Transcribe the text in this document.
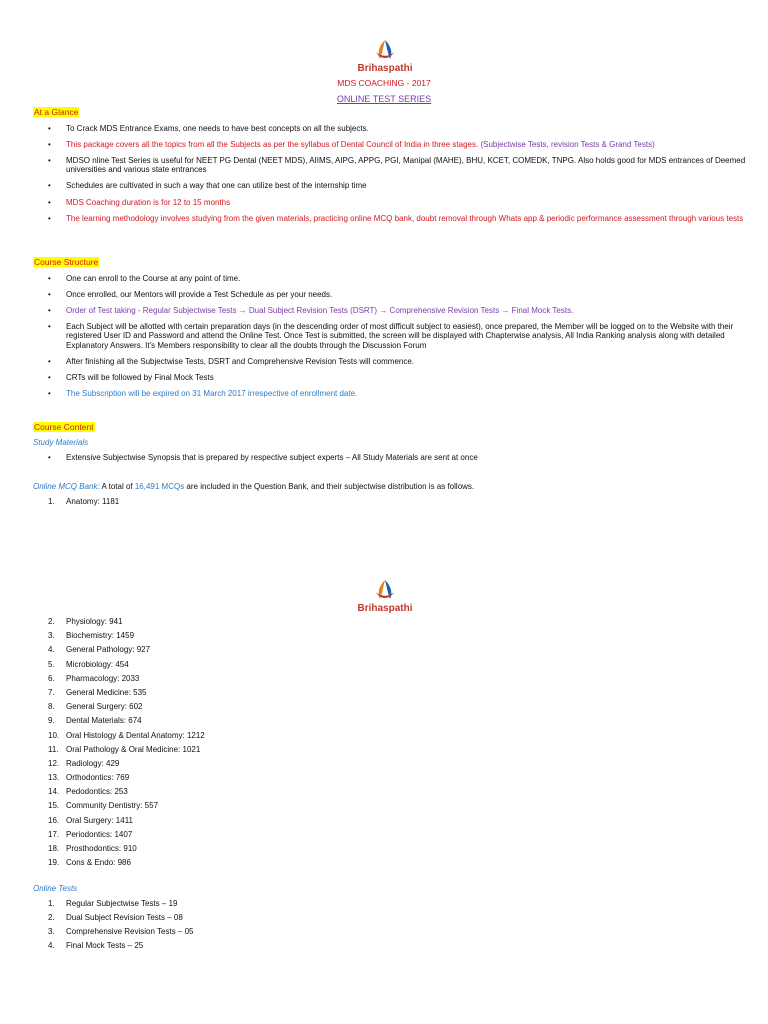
Brihaspathi
MDS COACHING - 2017
ONLINE TEST SERIES
At a Glance
• To Crack MDS Entrance Exams, one needs to have best concepts on all the subjects.
• This package covers all the topics from all the Subjects as per the syllabus of Dental Council of India in three stages. (Subjectwise Tests, revision Tests & Grand Tests)
• MDSO nline Test Series is useful for NEET PG Dental (NEET MDS), AIIMS, AIPG, APPG, PGI, Manipal (MAHE), BHU, KCET, COMEDK, TNPG. Also holds good for MDS entrances of Deemed universities and various state entrances
• Schedules are cultivated in such a way that one can utilize best of the internship time
• MDS Coaching duration is for 12 to 15 months
• The learning methodology involves studying from the given materials, practicing online MCQ bank, doubt removal through Whats app & periodic performance assessment through various tests
Course Structure
• One can enroll to the Course at any point of time.
• Once enrolled, our Mentors will provide a Test Schedule as per your needs.
• Order of Test taking - Regular Subjectwise Tests → Dual Subject Revision Tests (DSRT) → Comprehensive Revision Tests → Final Mock Tests.
• Each Subject will be allotted with certain preparation days (in the descending order of most difficult subject to easiest), once prepared, the Member will be logged on to the Website with their registered User ID and Password and attend the Online Test. Once Test is submitted, the screen will be displayed with Chapterwise analysis, All India Ranking analysis along with detailed Explanatory Answers. It's Members responsibility to clear all the doubts through the Discussion Forum
• After finishing all the Subjectwise Tests, DSRT and Comprehensive Revision Tests will commence.
• CRTs will be followed by Final Mock Tests
• The Subscription will be expired on 31 March 2017 irrespective of enrollment date.
Course Content
Study Materials
• Extensive Subjectwise Synopsis that is prepared by respective subject experts – All Study Materials are sent at once
Online MCQ Bank: A total of 16,491 MCQs are included in the Question Bank, and their subjectwise distribution is as follows.
1.	Anatomy: 1181
Brihaspathi
2.	Physiology: 941
3.	Biochemistry: 1459
4.	General Pathology: 927
5.	Microbiology: 454
6.	Pharmacology: 2033
7.	General Medicine: 535
8.	General Surgery: 602
9.	Dental Materials: 674
10. Oral Histology & Dental Anatomy: 1212
11. Oral Pathology & Oral Medicine: 1021
12. Radiology: 429
13. Orthodontics: 769
14. Pedodontics: 253
15. Community Dentistry: 557
16. Oral Surgery: 1411
17. Periodontics: 1407
18. Prosthodontics: 910
19. Cons & Endo: 986
Online Tests
1.	Regular Subjectwise Tests – 19
2.	Dual Subject Revision Tests – 08
3.	Comprehensive Revision Tests – 05
4.	Final Mock Tests – 25
